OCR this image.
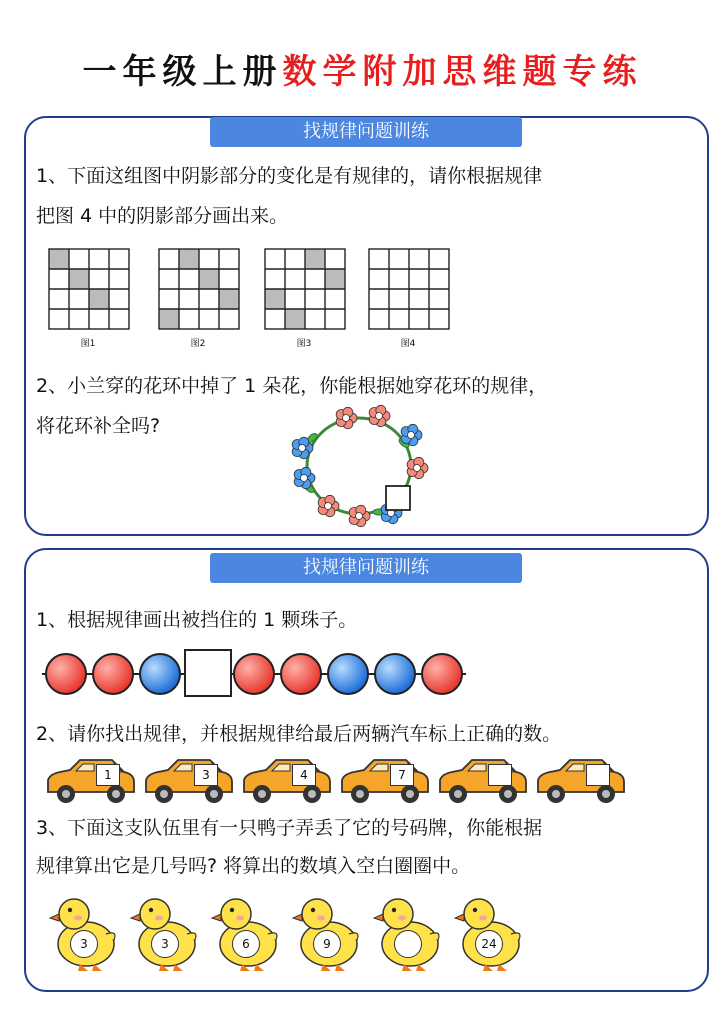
一年级上册数学附加思维题专练
找规律问题训练
1、下面这组图中阴影部分的变化是有规律的，请你根据规律
把图 4 中的阴影部分画出来。
图1	图2	图3	图4
2、小兰穿的花环中掉了 1 朵花，你能根据她穿花环的规律，
将花环补全吗?
找规律问题训练
1、根据规律画出被挡住的 1 颗珠子。
2、请你找出规律，并根据规律给最后两辆汽车标上正确的数。
1	3	4	7
3、下面这支队伍里有一只鸭子弄丢了它的号码牌，你能根据
规律算出它是几号吗? 将算出的数填入空白圈圈中。
3	3	6	9	24
